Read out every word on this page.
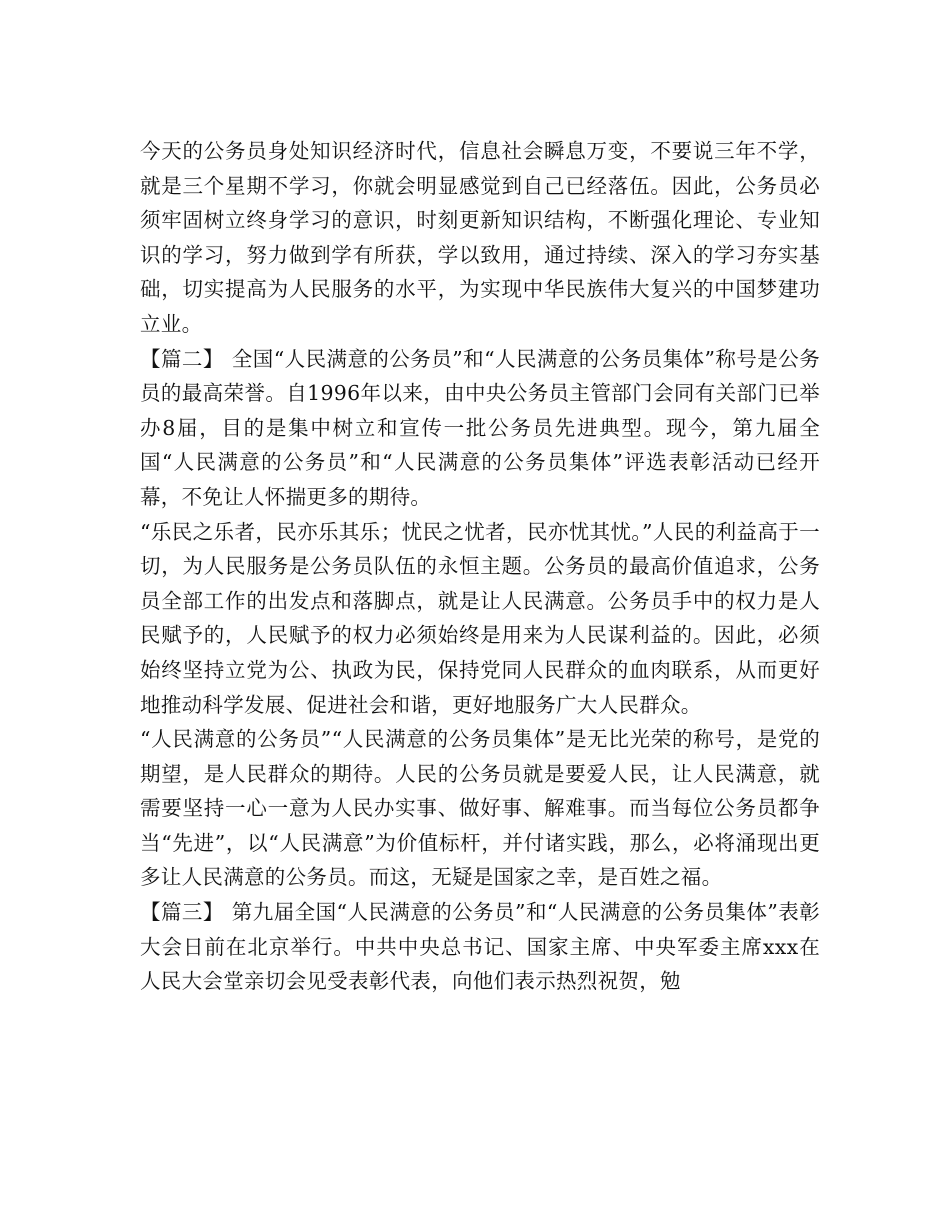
今天的公务员身处知识经济时代，信息社会瞬息万变，不要说三年不学，就是三个星期不学习，你就会明显感觉到自己已经落伍。因此，公务员必须牢固树立终身学习的意识，时刻更新知识结构，不断强化理论、专业知识的学习，努力做到学有所获，学以致用，通过持续、深入的学习夯实基础，切实提高为人民服务的水平，为实现中华民族伟大复兴的中国梦建功立业。

【篇二】 全国“人民满意的公务员”和“人民满意的公务员集体”称号是公务员的最高荣誉。自1996年以来，由中央公务员主管部门会同有关部门已举办8届，目的是集中树立和宣传一批公务员先进典型。现今，第九届全国“人民满意的公务员”和“人民满意的公务员集体”评选表彰活动已经开幕，不免让人怀揣更多的期待。

“乐民之乐者，民亦乐其乐；忧民之忧者，民亦忧其忧。”人民的利益高于一切，为人民服务是公务员队伍的永恒主题。公务员的最高价值追求，公务员全部工作的出发点和落脚点，就是让人民满意。公务员手中的权力是人民赋予的，人民赋予的权力必须始终是用来为人民谋利益的。因此，必须始终坚持立党为公、执政为民，保持党同人民群众的血肉联系，从而更好地推动科学发展、促进社会和谐，更好地服务广大人民群众。

“人民满意的公务员”“人民满意的公务员集体”是无比光荣的称号，是党的期望，是人民群众的期待。人民的公务员就是要爱人民，让人民满意，就需要坚持一心一意为人民办实事、做好事、解难事。而当每位公务员都争当“先进”，以“人民满意”为价值标杆，并付诸实践，那么，必将涌现出更多让人民满意的公务员。而这，无疑是国家之幸，是百姓之福。

【篇三】 第九届全国“人民满意的公务员”和“人民满意的公务员集体”表彰大会日前在北京举行。中共中央总书记、国家主席、中央军委主席xxx在人民大会堂亲切会见受表彰代表，向他们表示热烈祝贺，勉
